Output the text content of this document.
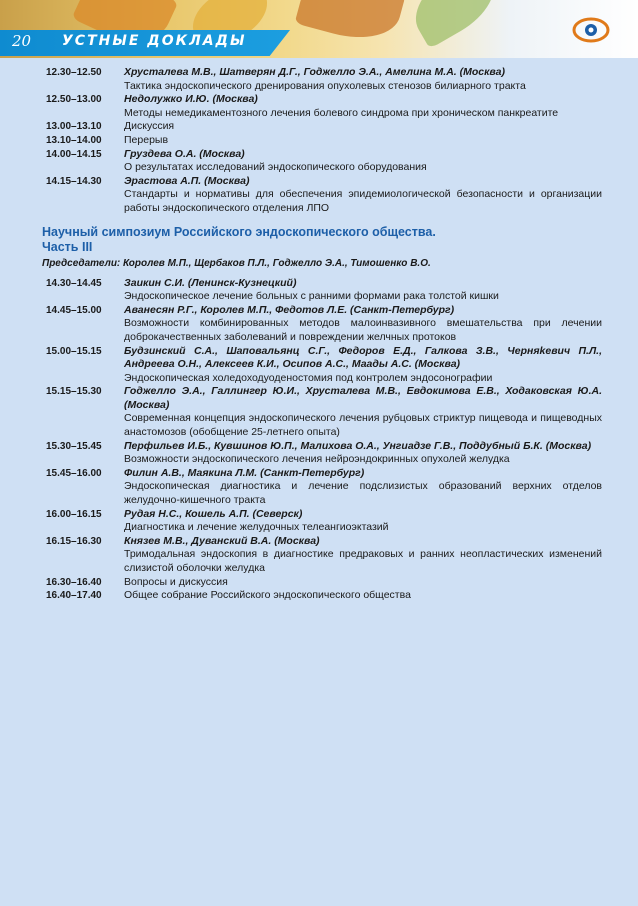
20 УСТНЫЕ ДОКЛАДЫ
12.30–12.50	Хрусталева М.В., Шатверян Д.Г., Годжелло Э.А., Амелина М.А. (Москва)
Тактика эндоскопического дренирования опухолевых стенозов билиарного тракта
12.50–13.00	Недолужко И.Ю. (Москва)
Методы немедикаментозного лечения болевого синдрома при хроническом панкреатите
13.00–13.10	Дискуссия
13.10–14.00	Перерыв
14.00–14.15	Груздева О.А. (Москва)
О результатах исследований эндоскопического оборудования
14.15–14.30	Эрастова А.П. (Москва)
Стандарты и нормативы для обеспечения эпидемиологической безопасности и организации работы эндоскопического отделения ЛПО
Научный симпозиум Российского эндоскопического общества.
Часть III
Председатели: Королев М.П., Щербаков П.Л., Годжелло Э.А., Тимошенко В.О.
14.30–14.45	Заикин С.И. (Ленинск-Кузнецкий)
Эндоскопическое лечение больных с ранними формами рака толстой кишки
14.45–15.00	Аванесян Р.Г., Королев М.П., Федотов Л.Е. (Санкт-Петербург)
Возможности комбинированных методов малоинвазивного вмешательства при лечении доброкачественных заболеваний и повреждении желчных протоков
15.00–15.15	Будзинский С.А., Шаповальянц С.Г., Федоров Е.Д., Галкова З.В., Черняkевич П.Л., Андреева О.Н., Алексеев К.И., Осипов А.С., Маады А.С. (Москва)
Эндоскопическая холедоходуоденостомия под контролем эндосонографии
15.15–15.30	Годжелло Э.А., Галлингер Ю.И., Хрусталева М.В., Евдокимова Е.В., Ходаковская Ю.А. (Москва)
Современная концепция эндоскопического лечения рубцовых стриктур пищевода и пищеводных анастомозов (обобщение 25-летнего опыта)
15.30–15.45	Перфильев И.Б., Кувшинов Ю.П., Малихова О.А., Унгиадзе Г.В., Поддубный Б.К. (Москва)
Возможности эндоскопического лечения нейроэндокринных опухолей желудка
15.45–16.00	Филин А.В., Маякина Л.М. (Санкт-Петербург)
Эндоскопическая диагностика и лечение подслизистых образований верхних отделов желудочно-кишечного тракта
16.00–16.15	Рудая Н.С., Кошель А.П. (Северск)
Диагностика и лечение желудочных телеангиоэктазий
16.15–16.30	Князев М.В., Дуванский В.А. (Москва)
Тримодальная эндоскопия в диагностике предраковых и ранних неопластических изменений слизистой оболочки желудка
16.30–16.40	Вопросы и дискуссия
16.40–17.40	Общее собрание Российского эндоскопического общества
